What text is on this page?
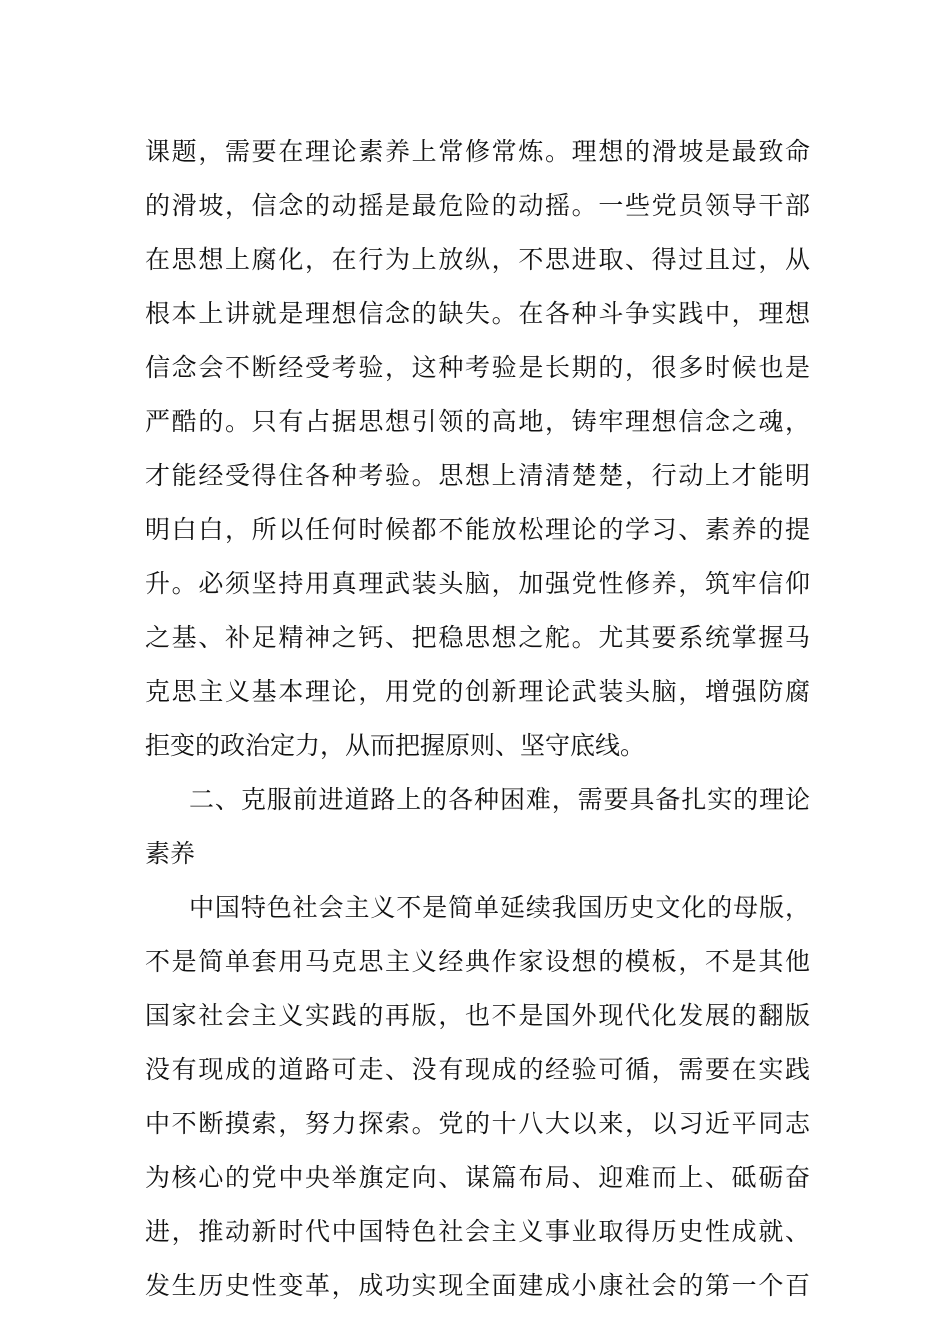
课题，需要在理论素养上常修常炼。理想的滑坡是最致命
的滑坡，信念的动摇是最危险的动摇。一些党员领导干部
在思想上腐化，在行为上放纵，不思进取、得过且过，从
根本上讲就是理想信念的缺失。在各种斗争实践中，理想
信念会不断经受考验，这种考验是长期的，很多时候也是
严酷的。只有占据思想引领的高地，铸牢理想信念之魂，
才能经受得住各种考验。思想上清清楚楚，行动上才能明
明白白，所以任何时候都不能放松理论的学习、素养的提
升。必须坚持用真理武装头脑，加强党性修养，筑牢信仰
之基、补足精神之钙、把稳思想之舵。尤其要系统掌握马
克思主义基本理论，用党的创新理论武装头脑，增强防腐
拒变的政治定力，从而把握原则、坚守底线。
二、克服前进道路上的各种困难，需要具备扎实的理论
素养
中国特色社会主义不是简单延续我国历史文化的母版，
不是简单套用马克思主义经典作家设想的模板，不是其他
国家社会主义实践的再版，也不是国外现代化发展的翻版
没有现成的道路可走、没有现成的经验可循，需要在实践
中不断摸索，努力探索。党的十八大以来，以习近平同志
为核心的党中央举旗定向、谋篇布局、迎难而上、砥砺奋
进，推动新时代中国特色社会主义事业取得历史性成就、
发生历史性变革，成功实现全面建成小康社会的第一个百
